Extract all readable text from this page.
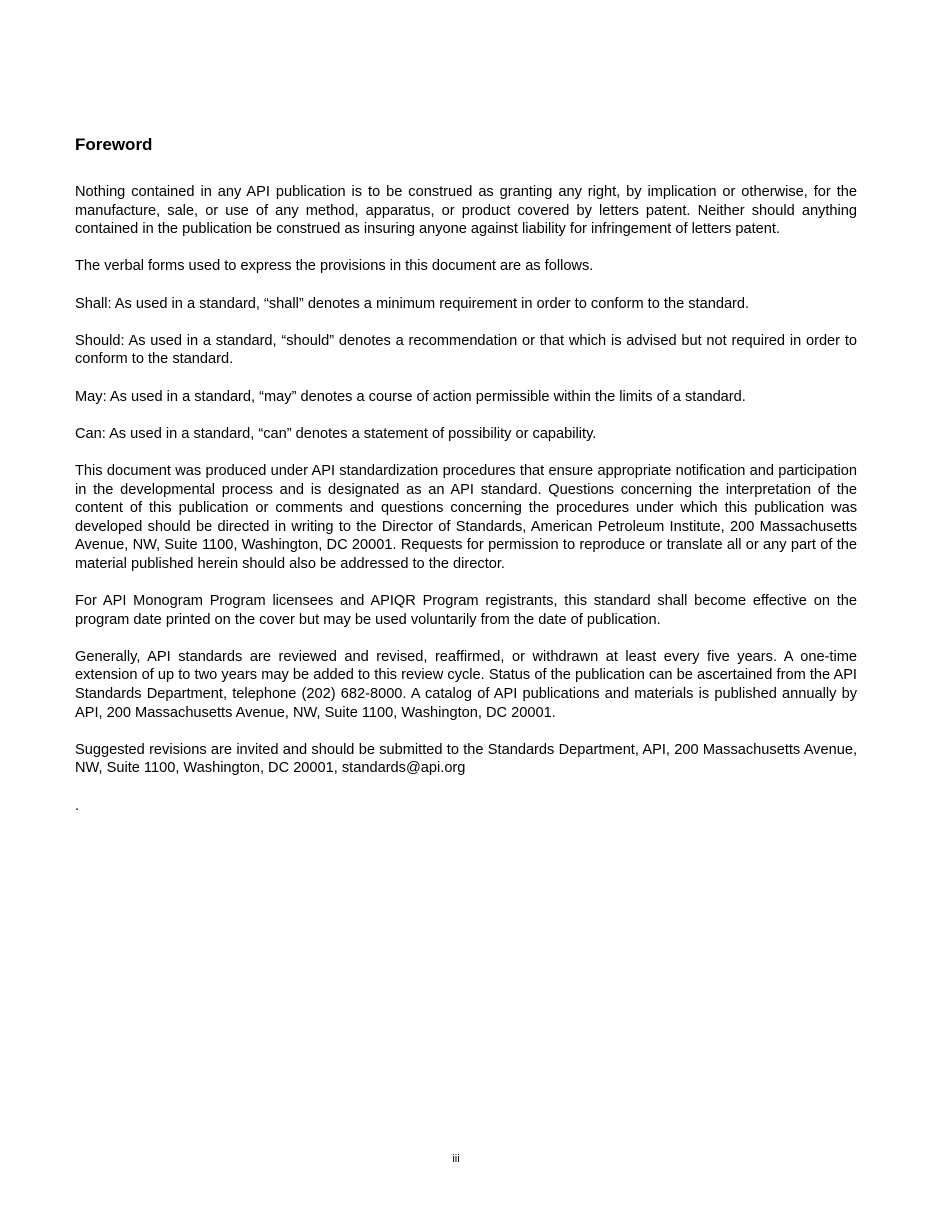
Foreword

Nothing contained in any API publication is to be construed as granting any right, by implication or otherwise, for the manufacture, sale, or use of any method, apparatus, or product covered by letters patent. Neither should anything contained in the publication be construed as insuring anyone against liability for infringement of letters patent.

The verbal forms used to express the provisions in this document are as follows.

Shall: As used in a standard, “shall” denotes a minimum requirement in order to conform to the standard.

Should: As used in a standard, “should” denotes a recommendation or that which is advised but not required in order to conform to the standard.

May: As used in a standard, “may” denotes a course of action permissible within the limits of a standard.

Can: As used in a standard, “can” denotes a statement of possibility or capability.

This document was produced under API standardization procedures that ensure appropriate notification and participation in the developmental process and is designated as an API standard. Questions concerning the interpretation of the content of this publication or comments and questions concerning the procedures under which this publication was developed should be directed in writing to the Director of Standards, American Petroleum Institute, 200 Massachusetts Avenue, NW, Suite 1100, Washington, DC 20001. Requests for permission to reproduce or translate all or any part of the material published herein should also be addressed to the director.

For API Monogram Program licensees and APIQR Program registrants, this standard shall become effective on the program date printed on the cover but may be used voluntarily from the date of publication.

Generally, API standards are reviewed and revised, reaffirmed, or withdrawn at least every five years. A one-time extension of up to two years may be added to this review cycle. Status of the publication can be ascertained from the API Standards Department, telephone (202) 682-8000. A catalog of API publications and materials is published annually by API, 200 Massachusetts Avenue, NW, Suite 1100, Washington, DC 20001.

Suggested revisions are invited and should be submitted to the Standards Department, API, 200 Massachusetts Avenue, NW, Suite 1100, Washington, DC 20001, standards@api.org

.

iii
